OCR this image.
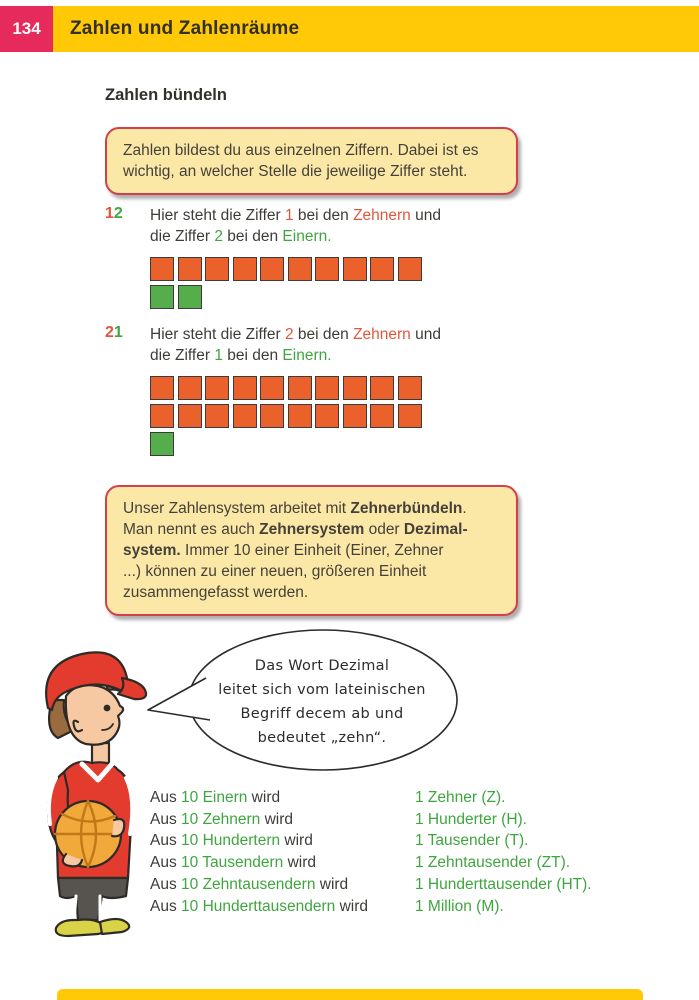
134	Zahlen und Zahlenräume
Zahlen bündeln
Zahlen bildest du aus einzelnen Ziffern. Dabei ist es
wichtig, an welcher Stelle die jeweilige Ziffer steht.
12 Hier steht die Ziffer 1 bei den Zehnern und
die Ziffer 2 bei den Einern.
21 Hier steht die Ziffer 2 bei den Zehnern und
die Ziffer 1 bei den Einern.
Unser Zahlensystem arbeitet mit Zehnerbündeln.
Man nennt es auch Zehnersystem oder Dezimal-
system. Immer 10 einer Einheit (Einer, Zehner
...) können zu einer neuen, größeren Einheit
zusammengefasst werden.
Das Wort Dezimal
leitet sich vom lateinischen
Begriff decem ab und
bedeutet „zehn“.
Aus 10 Einern wird	1 Zehner (Z).
Aus 10 Zehnern wird	1 Hunderter (H).
Aus 10 Hundertern wird	1 Tausender (T).
Aus 10 Tausendern wird	1 Zehntausender (ZT).
Aus 10 Zehntausendern wird	1 Hunderttausender (HT).
Aus 10 Hunderttausendern wird	1 Million (M).
